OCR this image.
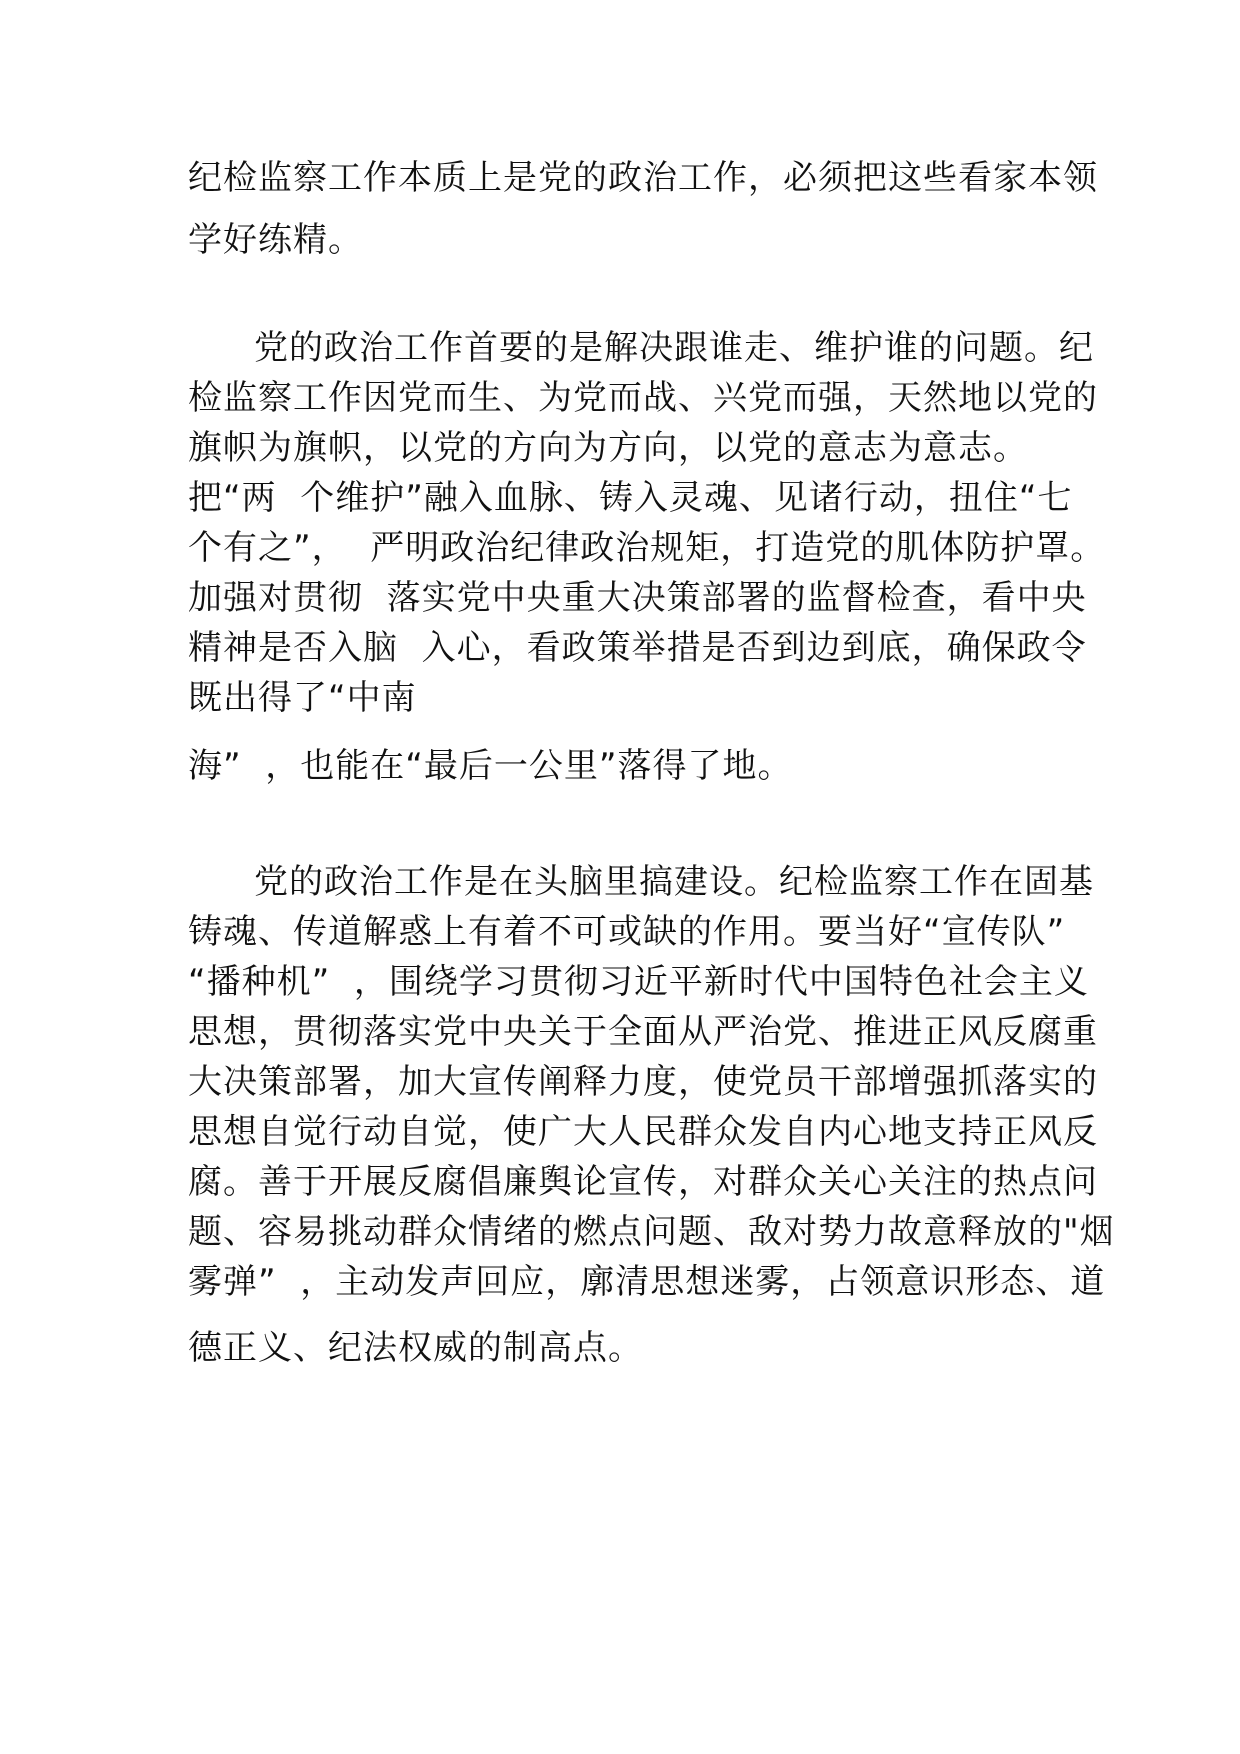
纪检监察工作本质上是党的政治工作，必须把这些看家本领

学好练精。

党的政治工作首要的是解决跟谁走、维护谁的问题。纪

检监察工作因党而生、为党而战、兴党而强，天然地以党的

旗帜为旗帜，以党的方向为方向，以党的意志为意志。

把“两  个维护”融入血脉、铸入灵魂、见诸行动，扭住“七

个有之”，  严明政治纪律政治规矩，打造党的肌体防护罩。

加强对贯彻  落实党中央重大决策部署的监督检查，看中央

精神是否入脑  入心，看政策举措是否到边到底，确保政令

既出得了“中南

海”  ，也能在“最后一公里”落得了地。

党的政治工作是在头脑里搞建设。纪检监察工作在固基

铸魂、传道解惑上有着不可或缺的作用。要当好“宣传队”

“播种机”  ，围绕学习贯彻习近平新时代中国特色社会主义

思想，贯彻落实党中央关于全面从严治党、推进正风反腐重

大决策部署，加大宣传阐释力度，使党员干部增强抓落实的

思想自觉行动自觉，使广大人民群众发自内心地支持正风反

腐。善于开展反腐倡廉舆论宣传，对群众关心关注的热点问

题、容易挑动群众情绪的燃点问题、敌对势力故意释放的"烟

雾弹”  ，主动发声回应，廓清思想迷雾，占领意识形态、道

德正义、纪法权威的制高点。
